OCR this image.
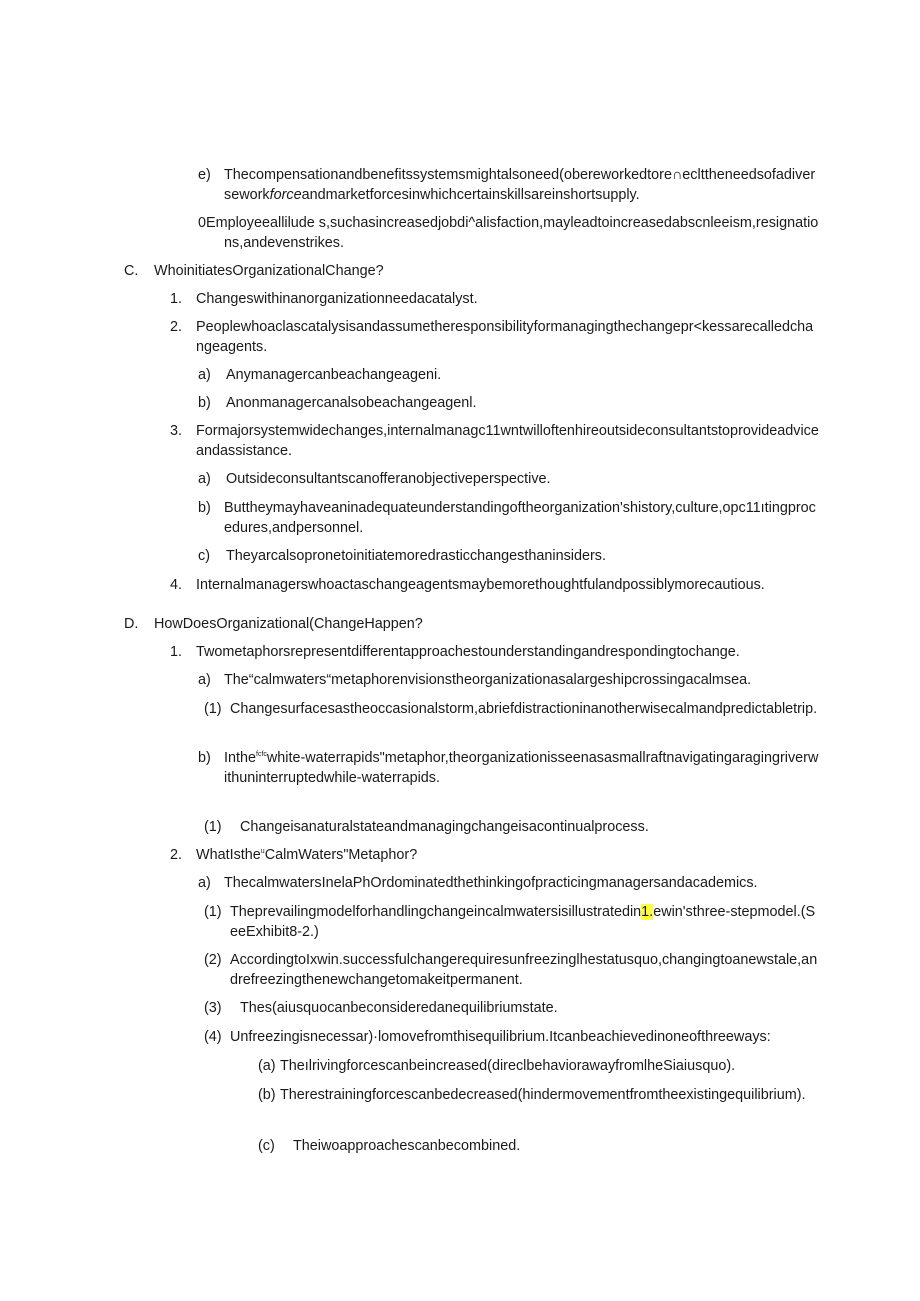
e) Thecompensationandbenefitssystemsmightalsoneed(obereworkedtore∩eclttheneedsofadiverseworkforceandmarketforcesinwhichcertainskillsareinshortsupply.
0Employeeallilude s,suchasincreasedjobdi^alisfaction,mayleadtoincreasedabscnleeism,resignations,andevenstrikes.
C.	WhoinitiatesOrganizationalChange?
1. Changeswithinanorganizationneedacatalyst.
2. Peoplewhoaclascatalysisandassumetheresponsibilityformanagingthechangepr<kessarecalledchangeagents.
a)	Anymanagercanbeachangeageni.
b)	Anonmanagercanalsobeachangeagenl.
3. Formajorsystemwidechanges,internalmanagc11wntwilloftenhireoutsideconsultantstoprovideadviceandassistance.
a)	Outsideconsultantscanofferanobjectiveperspective.
b) Buttheymayhaveaninadequateunderstandingoftheorganization'shistory,culture,opc11ıtingprocedures,andpersonnel.
c)	Theyarcalsopronetoinitiatemoredrasticchangesthaninsiders.
4. Internalmanagerswhoactaschangeagentsmaybemorethoughtfulandpossiblymorecautious.
D.	HowDoesOrganizational(ChangeHappen?
1. Twometaphorsrepresentdifferentapproachestounderstandingandrespondingtochange.
a) The“calmwaters“metaphorenvisionstheorganizationasalargeshipcrossingacalmsea.
(1) Changesurfacesastheoccasionalstorm,abriefdistractioninanotherwisecalmandpredictabletrip.
b) Inthe$^{fcfc}$white-waterrapids"metaphor,theorganizationisseenasasmallraftnavigatingaragingriverwithuninterruptedwhile-waterrapids.
(1)	Changeisanaturalstateandmanagingchangeisacontinualprocess.
2. WhatIsthe$^u$CalmWaters"Metaphor?
a) ThecalmwatersInelaPhOrdominatedthethinkingofpracticingmanagersandacademics.
(1) Theprevailingmodelforhandlingchangeincalmwatersisillustratedin1.ewin'sthree-stepmodel.(SeeExhibit8-2.)
(2) AccordingtoIxwin.successfulchangerequiresunfreezinglhestatusquo,changingtoanewstale,andrefreezingthenewchangetomakeitpermanent.
(3)	Thes(aiusquocanbeconsideredanequilibriumstate.
(4) Unfreezingisnecessar)·lomovefromthisequilibrium.Itcanbeachievedinoneofthreeways:
(a) Theılrivingforcescanbeincreased(direclbehaviorawayfromlheSiaiusquo).
(b) Therestrainingforcescanbedecreased(hindermovementfromtheexistingequilibrium).
(c)	Theiwoapproachescanbecombined.
